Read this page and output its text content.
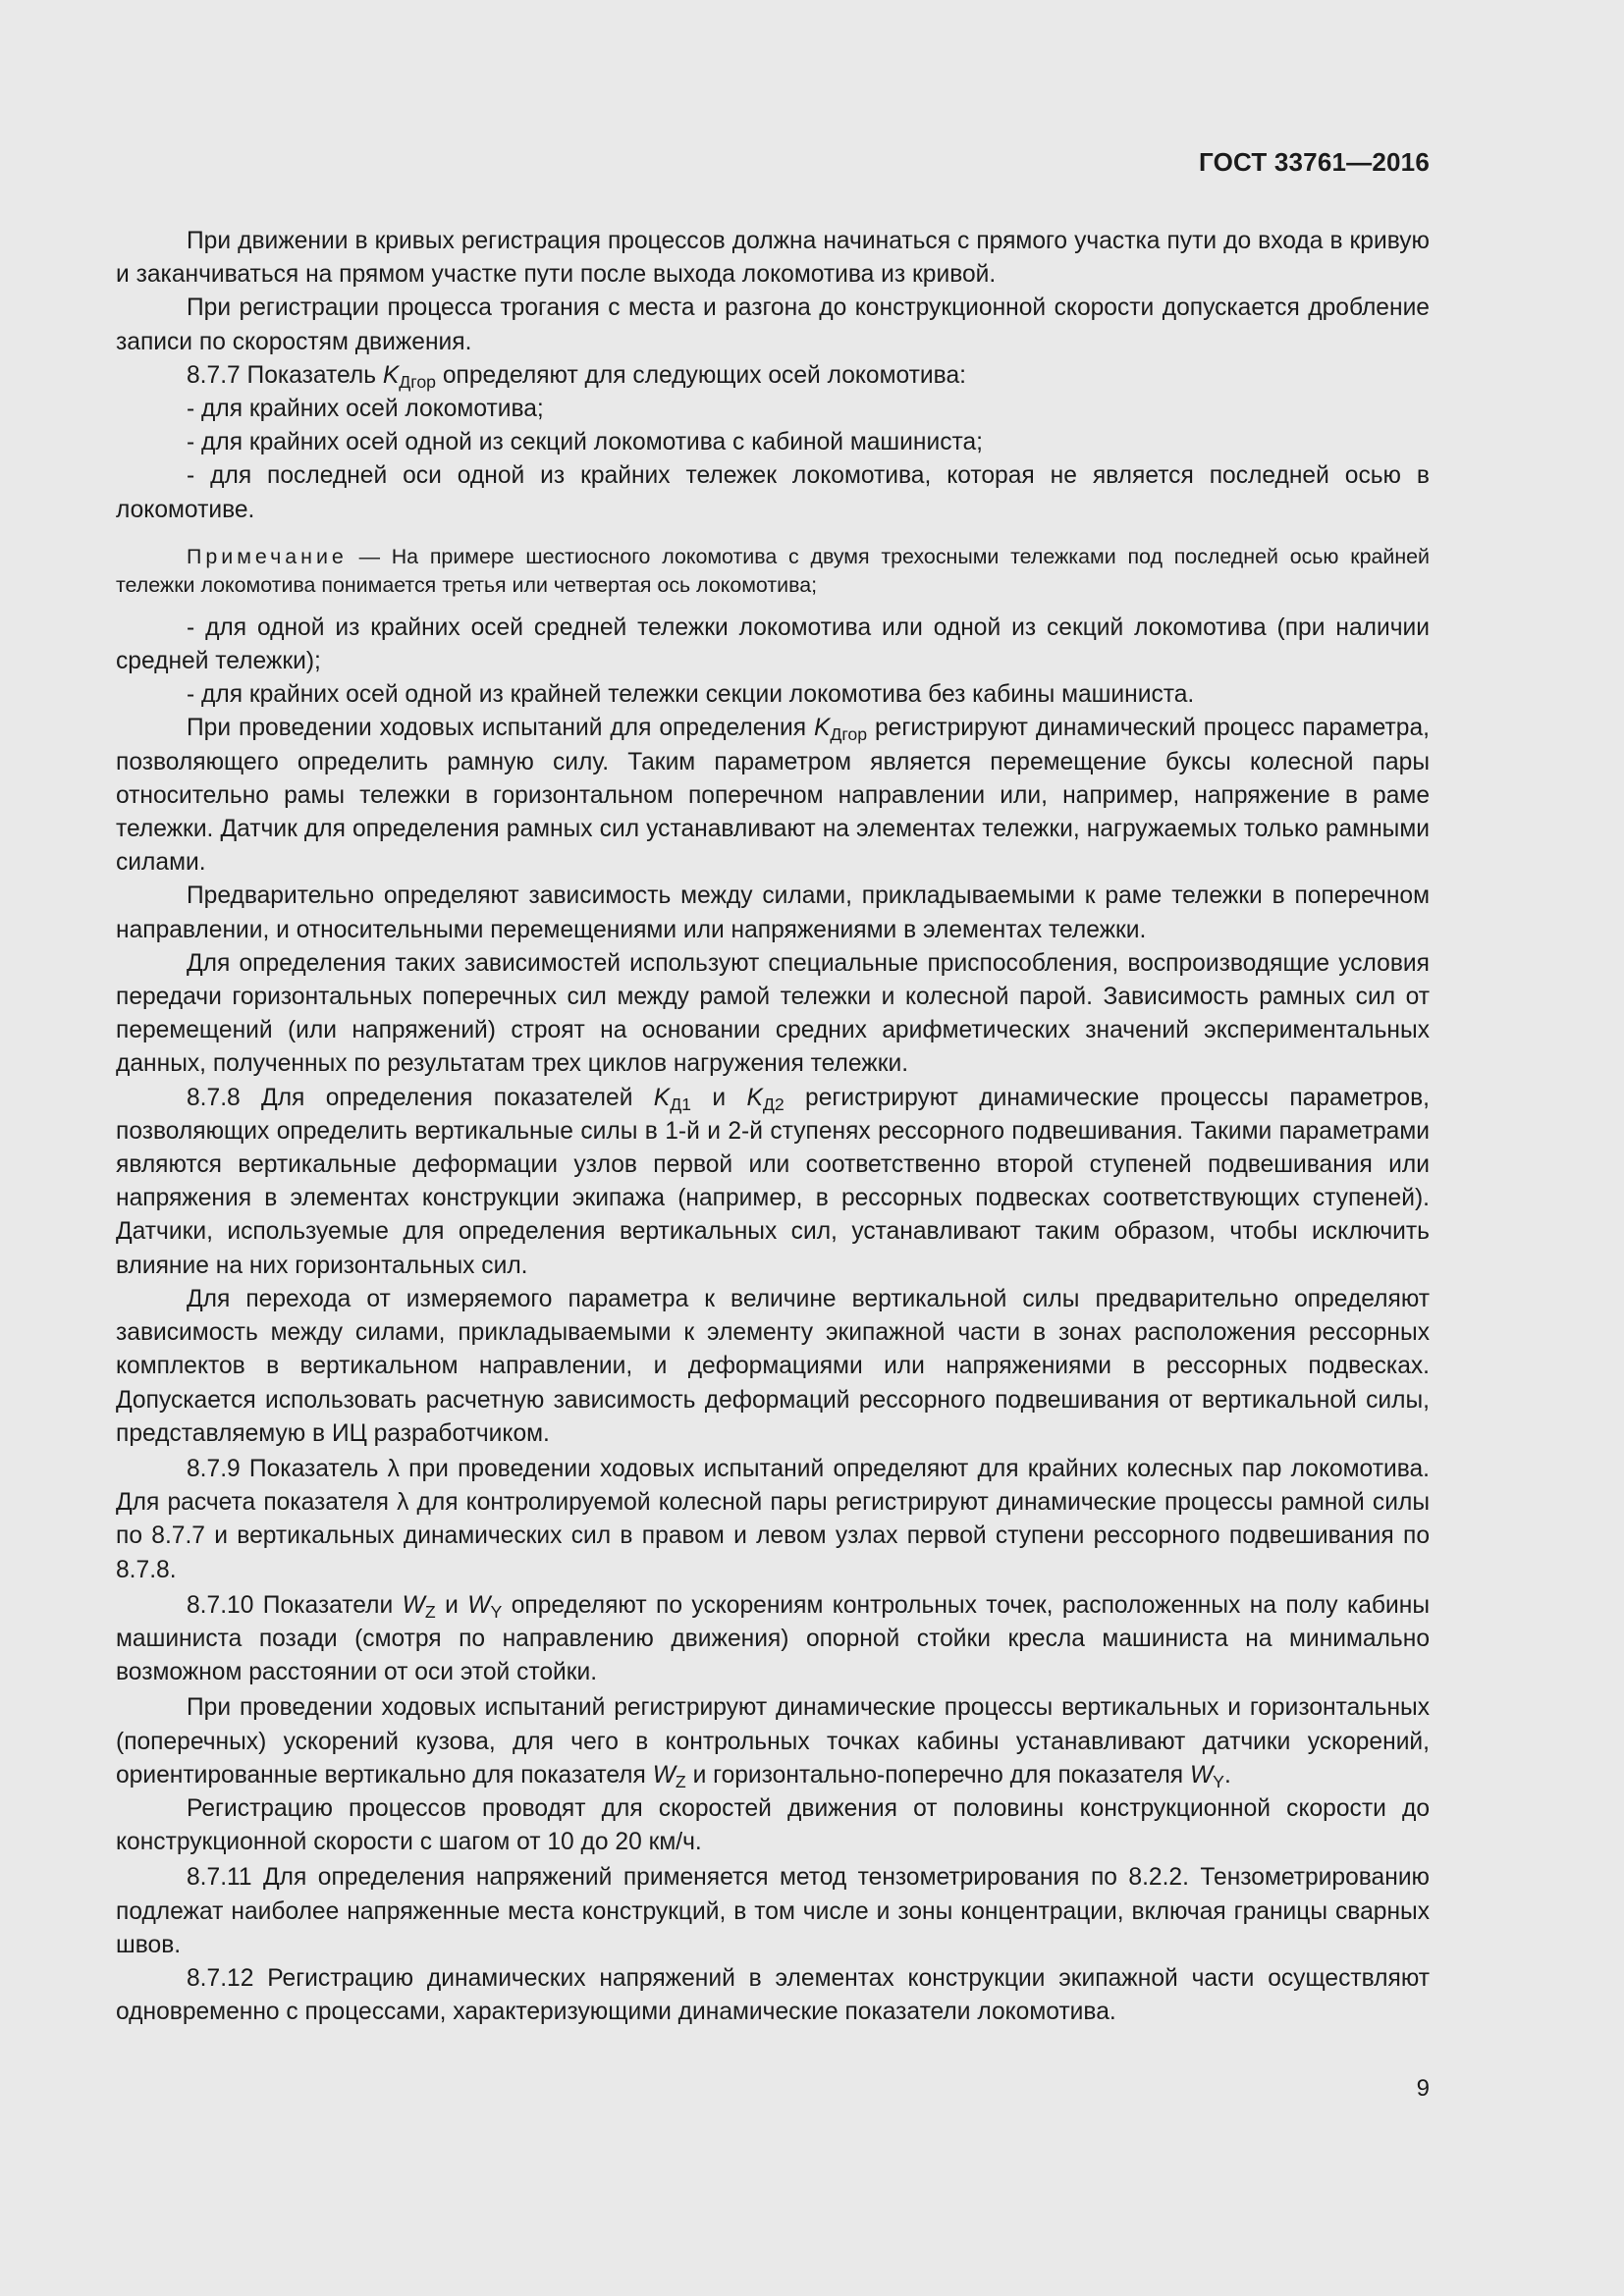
ГОСТ 33761—2016

При движении в кривых регистрация процессов должна начинаться с прямого участка пути до входа в кривую и заканчиваться на прямом участке пути после выхода локомотива из кривой.

При регистрации процесса трогания с места и разгона до конструкционной скорости допускается дробление записи по скоростям движения.

8.7.7 Показатель $K_{Дгор}$ определяют для следующих осей локомотива:

- для крайних осей локомотива;

- для крайних осей одной из секций локомотива с кабиной машиниста;

- для последней оси одной из крайних тележек локомотива, которая не является последней осью в локомотиве.

Примечание — На примере шестиосного локомотива с двумя трехосными тележками под последней осью крайней тележки локомотива понимается третья или четвертая ось локомотива;

- для одной из крайних осей средней тележки локомотива или одной из секций локомотива (при наличии средней тележки);

- для крайних осей одной из крайней тележки секции локомотива без кабины машиниста.

При проведении ходовых испытаний для определения $K_{Дгор}$ регистрируют динамический процесс параметра, позволяющего определить рамную силу. Таким параметром является перемещение буксы колесной пары относительно рамы тележки в горизонтальном поперечном направлении или, например, напряжение в раме тележки. Датчик для определения рамных сил устанавливают на элементах тележки, нагружаемых только рамными силами.

Предварительно определяют зависимость между силами, прикладываемыми к раме тележки в поперечном направлении, и относительными перемещениями или напряжениями в элементах тележки.

Для определения таких зависимостей используют специальные приспособления, воспроизводящие условия передачи горизонтальных поперечных сил между рамой тележки и колесной парой. Зависимость рамных сил от перемещений (или напряжений) строят на основании средних арифметических значений экспериментальных данных, полученных по результатам трех циклов нагружения тележки.

8.7.8 Для определения показателей $K_{Д1}$ и $K_{Д2}$ регистрируют динамические процессы параметров, позволяющих определить вертикальные силы в 1-й и 2-й ступенях рессорного подвешивания. Такими параметрами являются вертикальные деформации узлов первой или соответственно второй ступеней подвешивания или напряжения в элементах конструкции экипажа (например, в рессорных подвесках соответствующих ступеней). Датчики, используемые для определения вертикальных сил, устанавливают таким образом, чтобы исключить влияние на них горизонтальных сил.

Для перехода от измеряемого параметра к величине вертикальной силы предварительно определяют зависимость между силами, прикладываемыми к элементу экипажной части в зонах расположения рессорных комплектов в вертикальном направлении, и деформациями или напряжениями в рессорных подвесках. Допускается использовать расчетную зависимость деформаций рессорного подвешивания от вертикальной силы, представляемую в ИЦ разработчиком.

8.7.9 Показатель λ при проведении ходовых испытаний определяют для крайних колесных пар локомотива. Для расчета показателя λ для контролируемой колесной пары регистрируют динамические процессы рамной силы по 8.7.7 и вертикальных динамических сил в правом и левом узлах первой ступени рессорного подвешивания по 8.7.8.

8.7.10 Показатели $W_Z$ и $W_Y$ определяют по ускорениям контрольных точек, расположенных на полу кабины машиниста позади (смотря по направлению движения) опорной стойки кресла машиниста на минимально возможном расстоянии от оси этой стойки.

При проведении ходовых испытаний регистрируют динамические процессы вертикальных и горизонтальных (поперечных) ускорений кузова, для чего в контрольных точках кабины устанавливают датчики ускорений, ориентированные вертикально для показателя $W_Z$ и горизонтально-поперечно для показателя $W_Y$.

Регистрацию процессов проводят для скоростей движения от половины конструкционной скорости до конструкционной скорости с шагом от 10 до 20 км/ч.

8.7.11 Для определения напряжений применяется метод тензометрирования по 8.2.2. Тензометрированию подлежат наиболее напряженные места конструкций, в том числе и зоны концентрации, включая границы сварных швов.

8.7.12 Регистрацию динамических напряжений в элементах конструкции экипажной части осуществляют одновременно с процессами, характеризующими динамические показатели локомотива.

9
